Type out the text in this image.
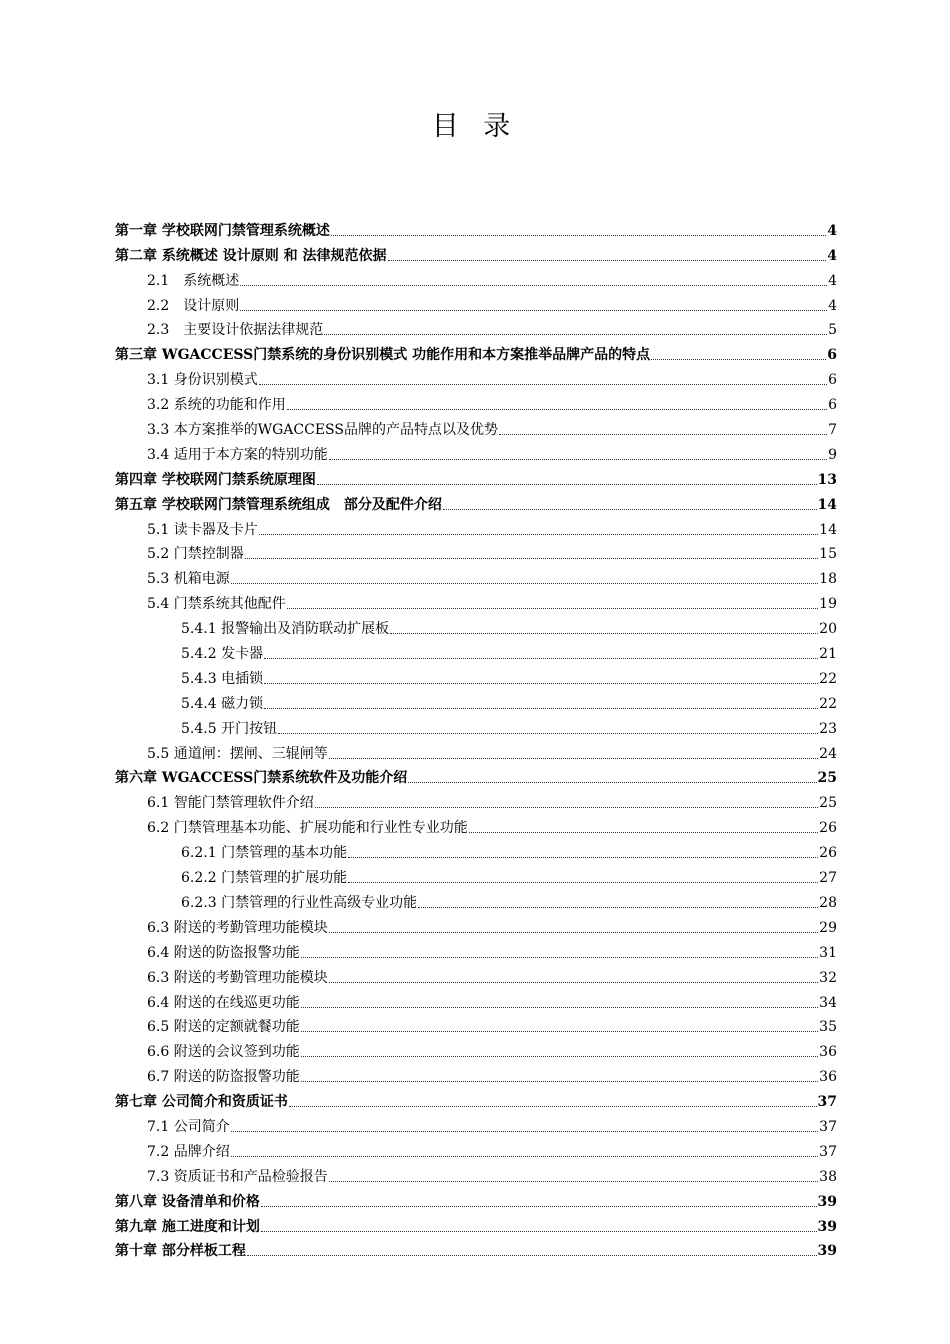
目 录
第一章 学校联网门禁管理系统概述	4
第二章 系统概述 设计原则 和 法律规范依据	4
2.1　系统概述	4
2.2　设计原则	4
2.3　主要设计依据法律规范	5
第三章 WGACCESS门禁系统的身份识别模式 功能作用和本方案推举品牌产品的特点	6
3.1 身份识别模式	6
3.2 系统的功能和作用	6
3.3 本方案推举的WGACCESS品牌的产品特点以及优势	7
3.4 适用于本方案的特别功能	9
第四章 学校联网门禁系统原理图	13
第五章 学校联网门禁管理系统组成　部分及配件介绍	14
5.1 读卡器及卡片	14
5.2 门禁控制器	15
5.3 机箱电源	18
5.4 门禁系统其他配件	19
5.4.1 报警输出及消防联动扩展板	20
5.4.2 发卡器	21
5.4.3 电插锁	22
5.4.4 磁力锁	22
5.4.5 开门按钮	23
5.5 通道闸：摆闸、三辊闸等	24
第六章 WGACCESS门禁系统软件及功能介绍	25
6.1 智能门禁管理软件介绍	25
6.2 门禁管理基本功能、扩展功能和行业性专业功能	26
6.2.1 门禁管理的基本功能	26
6.2.2 门禁管理的扩展功能	27
6.2.3 门禁管理的行业性高级专业功能	28
6.3 附送的考勤管理功能模块	29
6.4 附送的防盗报警功能	31
6.3 附送的考勤管理功能模块	32
6.4 附送的在线巡更功能	34
6.5 附送的定额就餐功能	35
6.6 附送的会议签到功能	36
6.7 附送的防盗报警功能	36
第七章 公司简介和资质证书	37
7.1 公司简介	37
7.2 品牌介绍	37
7.3 资质证书和产品检验报告	38
第八章 设备清单和价格	39
第九章 施工进度和计划	39
第十章 部分样板工程	39
